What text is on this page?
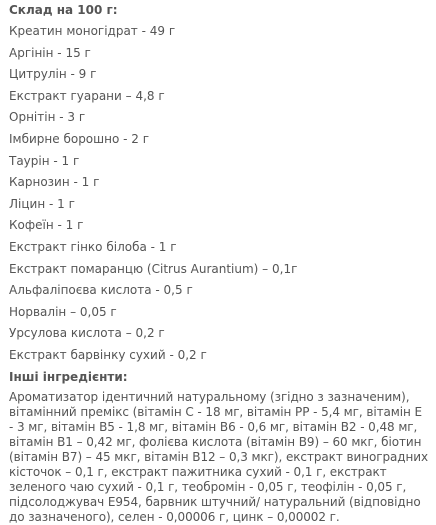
Склад на 100 г:
Креатин моногідрат - 49 г
Аргінін - 15 г
Цитрулін - 9 г
Екстракт гуарани – 4,8 г
Орнітін - 3 г
Імбирне борошно - 2 г
Таурін - 1 г
Карнозин - 1 г
Ліцин - 1 г
Кофеїн - 1 г
Екстракт гінко білоба - 1 г
Екстракт помаранцю (Citrus Aurantium) – 0,1г
Альфаліпоєва кислота - 0,5 г
Норвалін – 0,05 г
Урсулова кислота – 0,2 г
Екстракт барвінку сухий - 0,2 г
Інші інгредієнти:

Ароматизатор ідентичний натуральному (згідно з зазначеним), вітамінний премікс (вітамін С - 18 мг, вітамін РР - 5,4 мг, вітамін Е - 3 мг, вітамін В5 - 1,8 мг, вітамін В6 - 0,6 мг, вітамін В2 - 0,48 мг, вітамін В1 – 0,42 мг, фолієва кислота (вітамін В9) – 60 мкг, біотин (вітамін В7) – 45 мкг, вітамін В12 – 0,3 мкг), екстракт виноградних кісточок – 0,1 г, екстракт пажитника сухий - 0,1 г, екстракт зеленого чаю сухий - 0,1 г, теобромін - 0,05 г, теофілін - 0,05 г, підсолоджувач Е954, барвник штучний/ натуральний (відповідно до зазначеного), селен - 0,00006 г, цинк – 0,00002 г.
